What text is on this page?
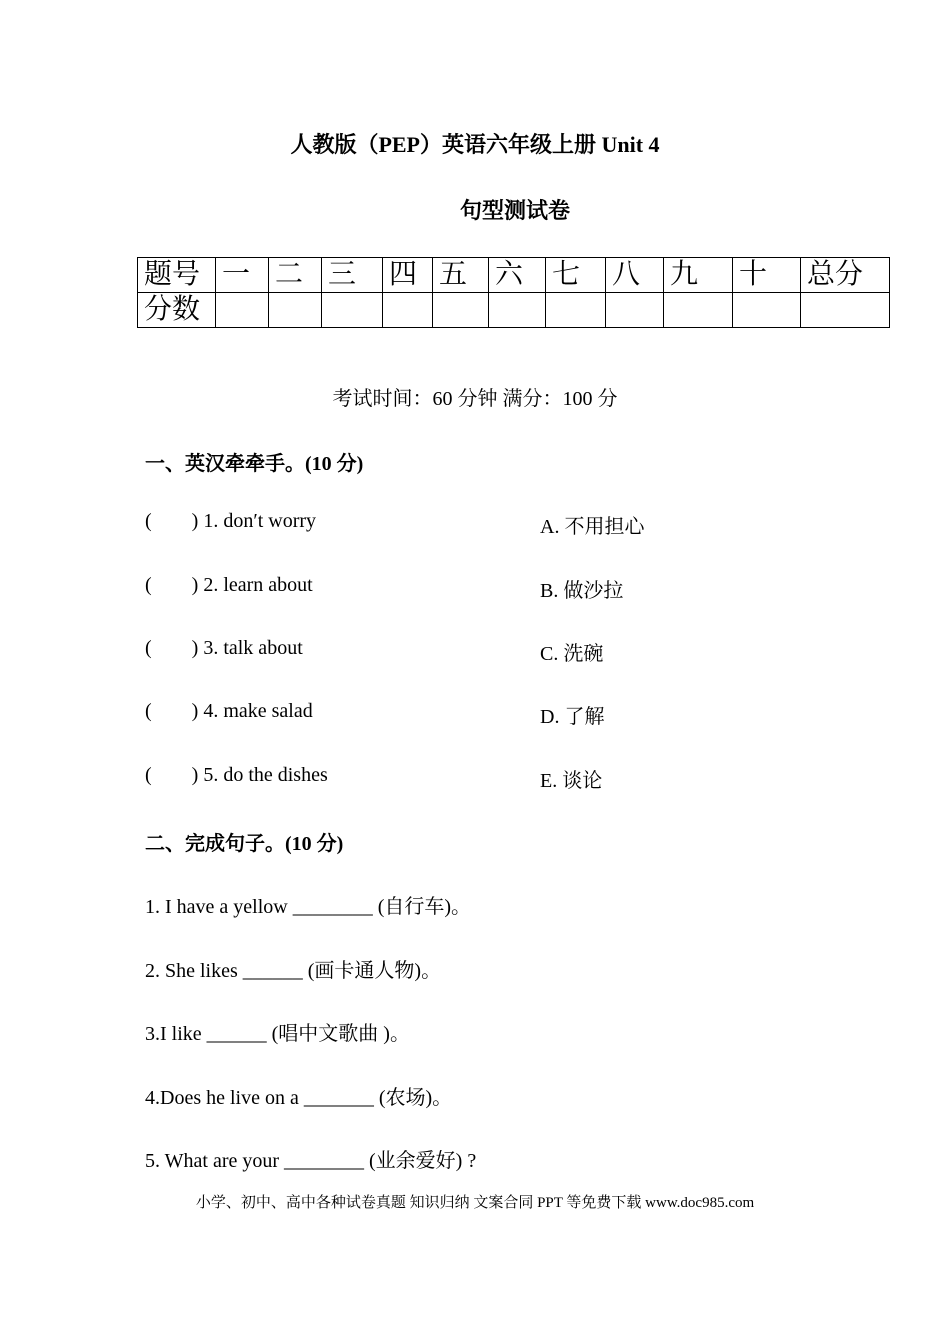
人教版（PEP）英语六年级上册 Unit 4
句型测试卷
题号	一	二	三	四	五	六	七	八	九	十	总分
分数											
考试时间：60 分钟 满分：100 分
一、英汉牵牵手。(10 分)
(        ) 1. don′t worry	A. 不用担心
(        ) 2. learn about	B. 做沙拉
(        ) 3. talk about	C. 洗碗
(        ) 4. make salad	D. 了解
(        ) 5. do the dishes	E. 谈论
二、完成句子。(10 分)
1. I have a yellow ________ (自行车)。
2. She likes ______ (画卡通人物)。
3.I like ______ (唱中文歌曲 )。
4.Does he live on a _______ (农场)。
5. What are your ________ (业余爱好) ?
小学、初中、高中各种试卷真题 知识归纳 文案合同 PPT 等免费下载 www.doc985.com
